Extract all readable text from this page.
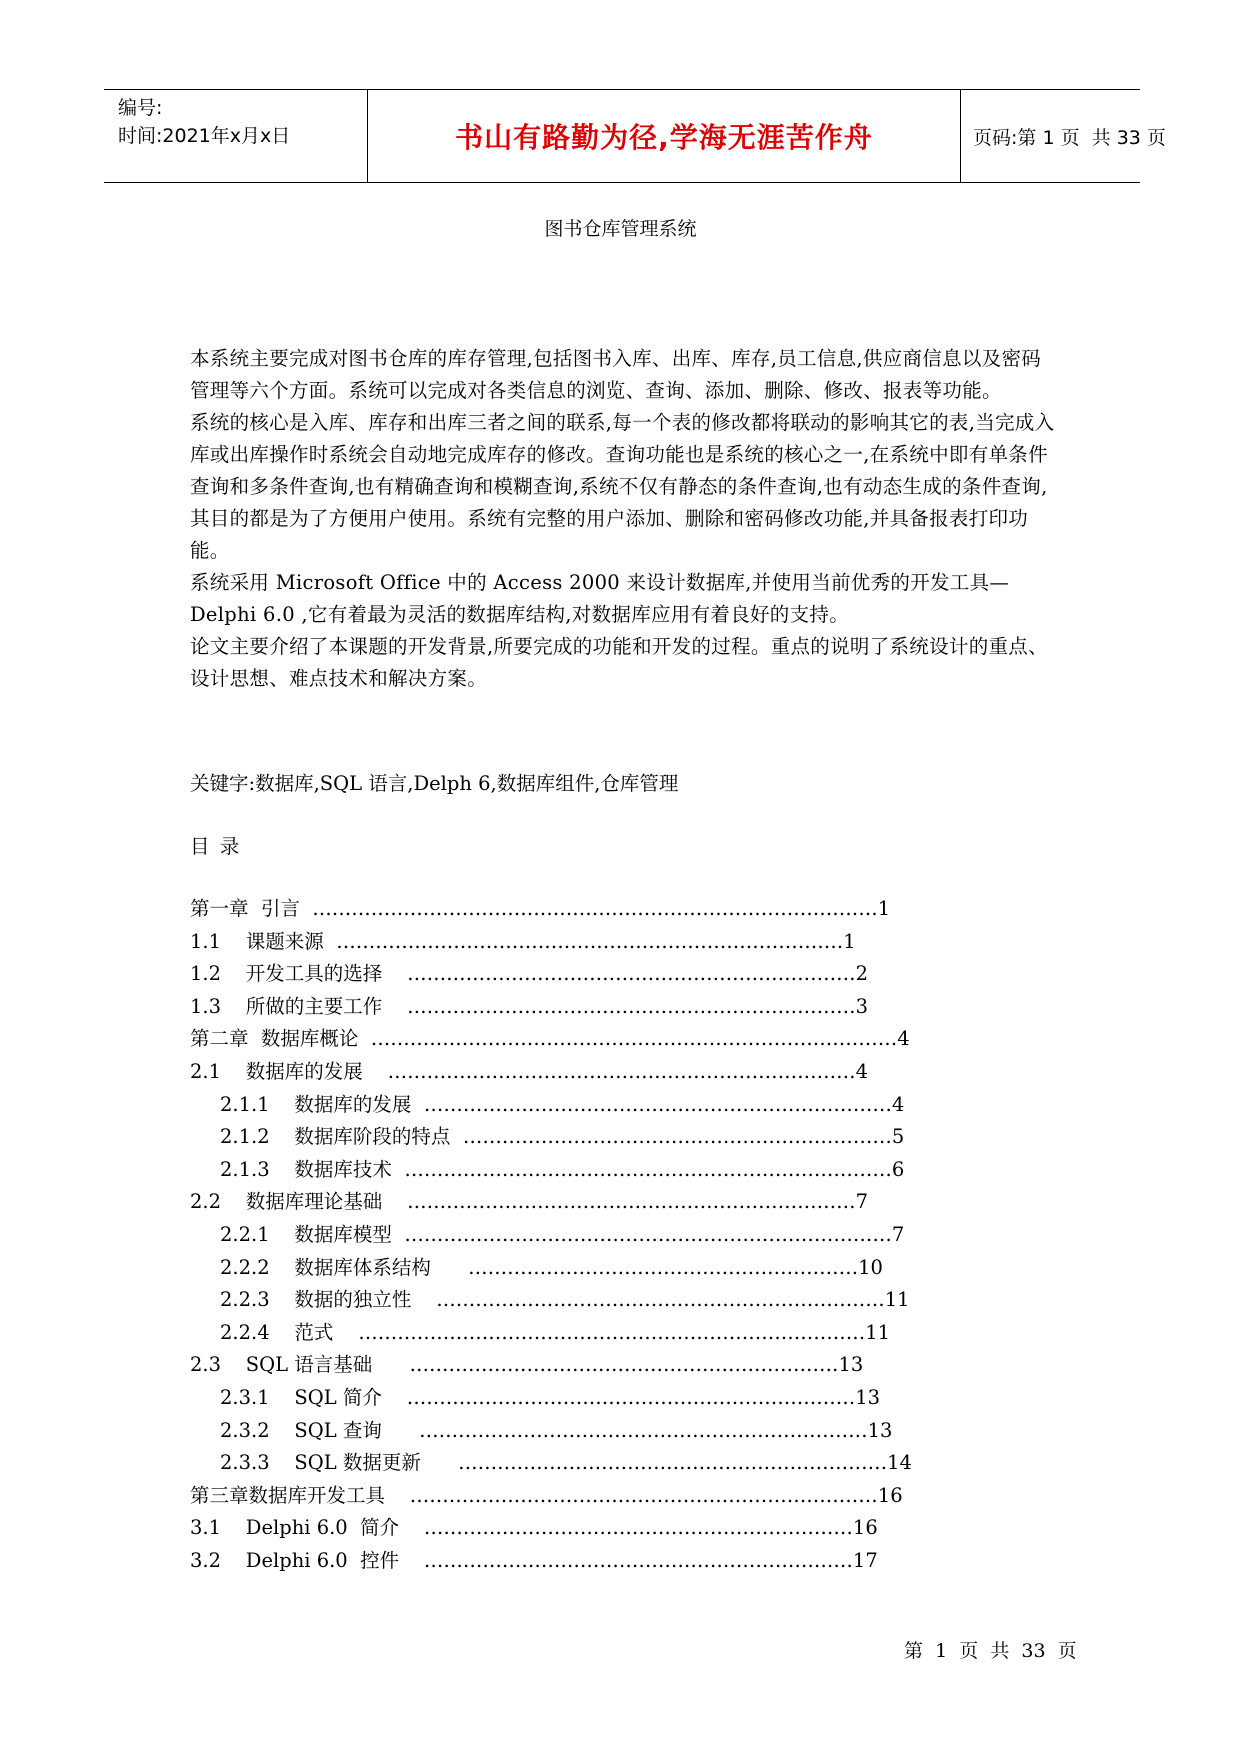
编号:
时间:2021年x月x日	书山有路勤为径,学海无涯苦作舟	页码:第 1 页  共 33 页
图书仓库管理系统

本系统主要完成对图书仓库的库存管理,包括图书入库、出库、库存,员工信息,供应商信息以及密码管理等六个方面。系统可以完成对各类信息的浏览、查询、添加、删除、修改、报表等功能。

系统的核心是入库、库存和出库三者之间的联系,每一个表的修改都将联动的影响其它的表,当完成入库或出库操作时系统会自动地完成库存的修改。查询功能也是系统的核心之一,在系统中即有单条件查询和多条件查询,也有精确查询和模糊查询,系统不仅有静态的条件查询,也有动态生成的条件查询,其目的都是为了方便用户使用。系统有完整的用户添加、删除和密码修改功能,并具备报表打印功能。

系统采用 Microsoft Office 中的 Access 2000 来设计数据库,并使用当前优秀的开发工具—Delphi 6.0 ,它有着最为灵活的数据库结构,对数据库应用有着良好的支持。

论文主要介绍了本课题的开发背景,所要完成的功能和开发的过程。重点的说明了系统设计的重点、设计思想、难点技术和解决方案。

关键字:数据库,SQL 语言,Delph 6,数据库组件,仓库管理
目 录
第一章  引言  ……………………………………………………………………………1
1.1    课题来源  ……………………………………………………………………1
1.2    开发工具的选择    ……………………………………………………………2
1.3    所做的主要工作    ……………………………………………………………3
第二章  数据库概论  ………………………………………………………………………4
2.1    数据库的发展    ………………………………………………………………4
2.1.1    数据库的发展  ………………………………………………………………4
2.1.2    数据库阶段的特点  …………………………………………………………5
2.1.3    数据库技术  …………………………………………………………………6
2.2    数据库理论基础    ……………………………………………………………7
2.2.1    数据库模型  …………………………………………………………………7
2.2.2    数据库体系结构      ……………………………………………………10
2.2.3    数据的独立性    ……………………………………………………………11
2.2.4    范式    ……………………………………………………………………11
2.3    SQL 语言基础      …………………………………………………………13
2.3.1    SQL 简介    ……………………………………………………………13
2.3.2    SQL 查询      ……………………………………………………………13
2.3.3    SQL 数据更新      …………………………………………………………14
第三章数据库开发工具    ………………………………………………………………16
3.1    Delphi 6.0  简介    …………………………………………………………16
3.2    Delphi 6.0  控件    …………………………………………………………17
第  1  页  共  33  页
